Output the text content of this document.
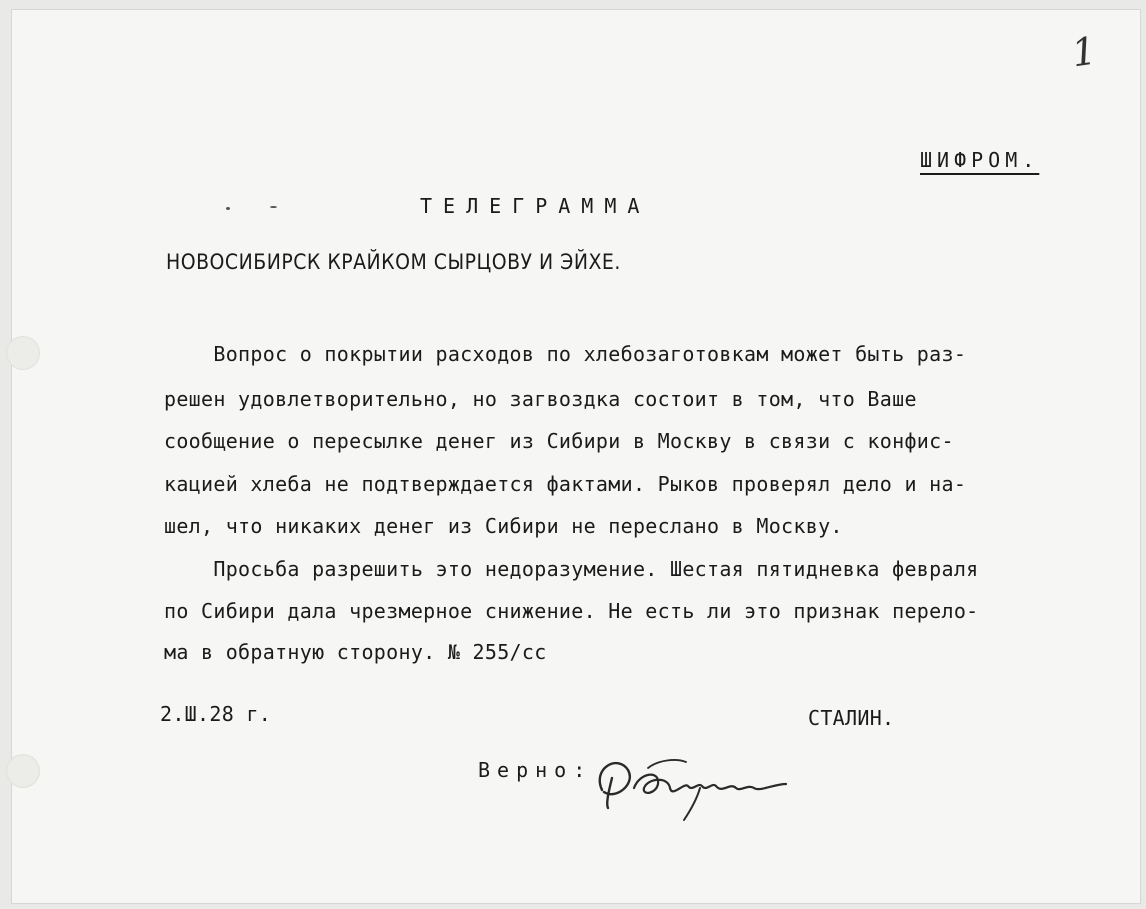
1
ШИФРОМ.
ТЕЛЕГРАММА
НОВОСИБИРСК КРАЙКОМ СЫРЦОВУ И ЭЙХЕ.
Вопрос о покрытии расходов по хлебозаготовкам может быть раз-
решен удовлетворительно, но загвоздка состоит в том, что Ваше
сообщение о пересылке денег из Сибири в Москву в связи с конфис-
кацией хлеба не подтверждается фактами. Рыков проверял дело и на-
шел, что никаких денег из Сибири не переслано в Москву.
Просьба разрешить это недоразумение. Шестая пятидневка февраля
по Сибири дала чрезмерное снижение. Не есть ли это признак перело-
ма в обратную сторону. № 255/сс
2.Ш.28 г.	СТАЛИН.
Верно:
